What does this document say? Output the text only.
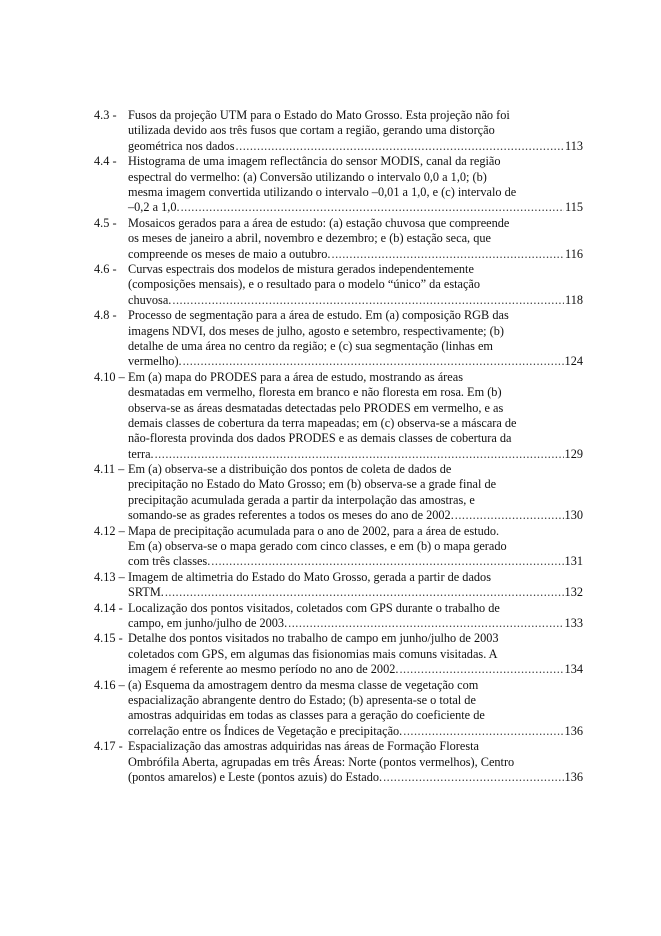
4.3 - Fusos da projeção UTM para o Estado do Mato Grosso. Esta projeção não foi
utilizada devido aos três fusos que cortam a região, gerando uma distorção
geométrica nos dados .....	113
4.4 - Histograma de uma imagem reflectância do sensor MODIS, canal da região
espectral do vermelho: (a) Conversão utilizando o intervalo 0,0 a 1,0; (b)
mesma imagem convertida utilizando o intervalo –0,01 a 1,0, e (c) intervalo de
–0,2 a 1,0. .....	115
4.5 - Mosaicos gerados para a área de estudo: (a) estação chuvosa que compreende
os meses de janeiro a abril, novembro e dezembro; e (b) estação seca, que
compreende os meses de maio a outubro. .....	116
4.6 - Curvas espectrais dos modelos de mistura gerados independentemente
(composições mensais), e o resultado para o modelo “único” da estação
chuvosa. .....	118
4.8 - Processo de segmentação para a área de estudo. Em (a) composição RGB das
imagens NDVI, dos meses de julho, agosto e setembro, respectivamente; (b)
detalhe de uma área no centro da região; e (c) sua segmentação (linhas em
vermelho). .....	124
4.10 – Em (a) mapa do PRODES para a área de estudo, mostrando as áreas
desmatadas em vermelho, floresta em branco e não floresta em rosa. Em (b)
observa-se as áreas desmatadas detectadas pelo PRODES em vermelho, e as
demais classes de cobertura da terra mapeadas; em (c) observa-se a máscara de
não-floresta provinda dos dados PRODES e as demais classes de cobertura da
terra. .....	129
4.11 – Em (a) observa-se a distribuição dos pontos de coleta de dados de
precipitação no Estado do Mato Grosso; em (b) observa-se a grade final de
precipitação acumulada gerada a partir da interpolação das amostras, e
somando-se as grades referentes a todos os meses do ano de 2002. .....	130
4.12 – Mapa de precipitação acumulada para o ano de 2002, para a área de estudo.
Em (a) observa-se o mapa gerado com cinco classes, e em (b) o mapa gerado
com três classes. .....	131
4.13 – Imagem de altimetria do Estado do Mato Grosso, gerada a partir de dados
SRTM. .....	132
4.14 - Localização dos pontos visitados, coletados com GPS durante o trabalho de
campo, em junho/julho de 2003. .....	133
4.15 - Detalhe dos pontos visitados no trabalho de campo em junho/julho de 2003
coletados com GPS, em algumas das fisionomias mais comuns visitadas. A
imagem é referente ao mesmo período no ano de 2002. .....	134
4.16 – (a) Esquema da amostragem dentro da mesma classe de vegetação com
espacialização abrangente dentro do Estado; (b) apresenta-se o total de
amostras adquiridas em todas as classes para a geração do coeficiente de
correlação entre os Índices de Vegetação e precipitação. .....	136
4.17 - Espacialização das amostras adquiridas nas áreas de Formação Floresta
Ombrófila Aberta, agrupadas em três Áreas: Norte (pontos vermelhos), Centro
(pontos amarelos) e Leste (pontos azuis) do Estado. .....	136
